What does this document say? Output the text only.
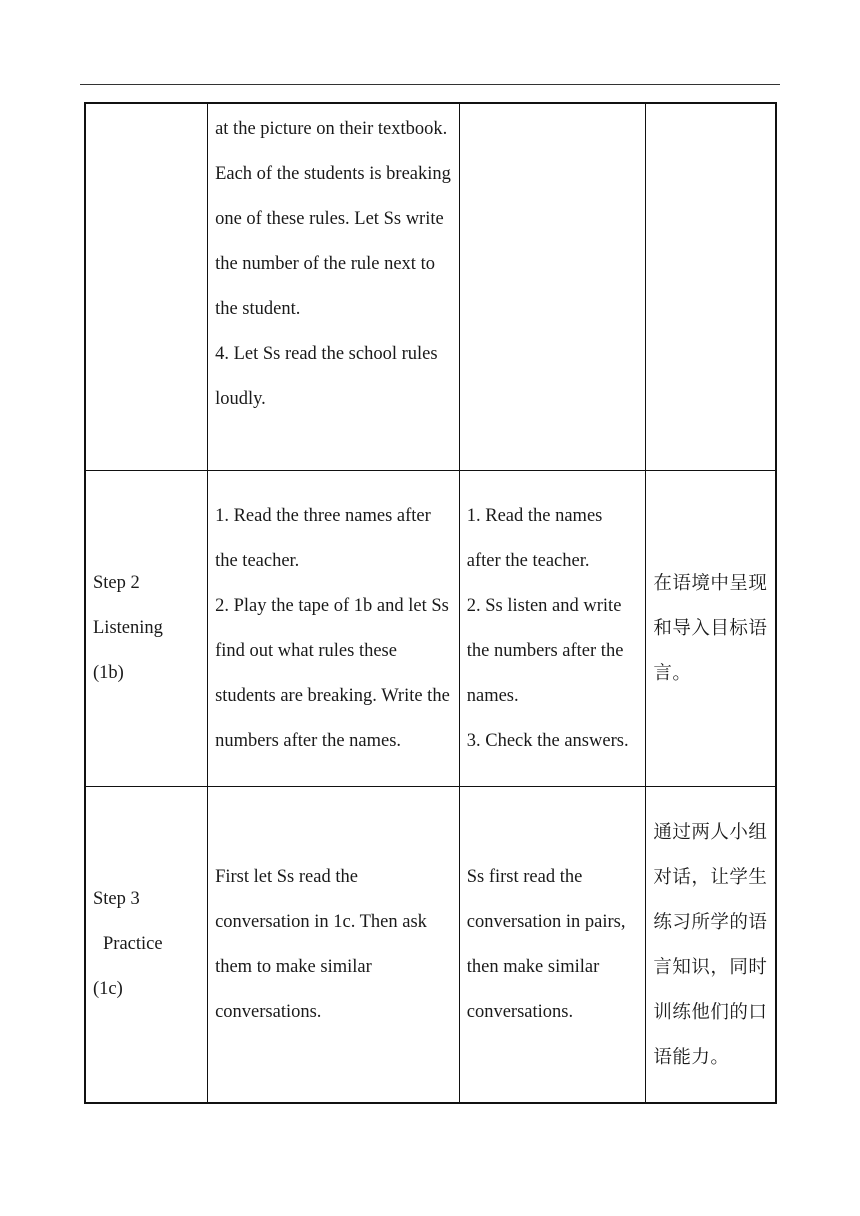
	at the picture on their textbook. Each of the students is breaking one of these rules. Let Ss write the number of the rule next to the student.
4. Let Ss read the school rules loudly.		

Step 2
Listening
(1b)	1. Read the three names after the teacher.
2. Play the tape of 1b and let Ss find out what rules these students are breaking. Write the numbers after the names.	1. Read the names after the teacher.
2. Ss listen and write the numbers after the names.
3. Check the answers.	在语境中呈现和导入目标语言。

Step 3
Practice
(1c)	First let Ss read the conversation in 1c. Then ask them to make similar conversations.	Ss first read the conversation in pairs, then make similar conversations.	通过两人小组对话，让学生练习所学的语言知识，同时训练他们的口语能力。
